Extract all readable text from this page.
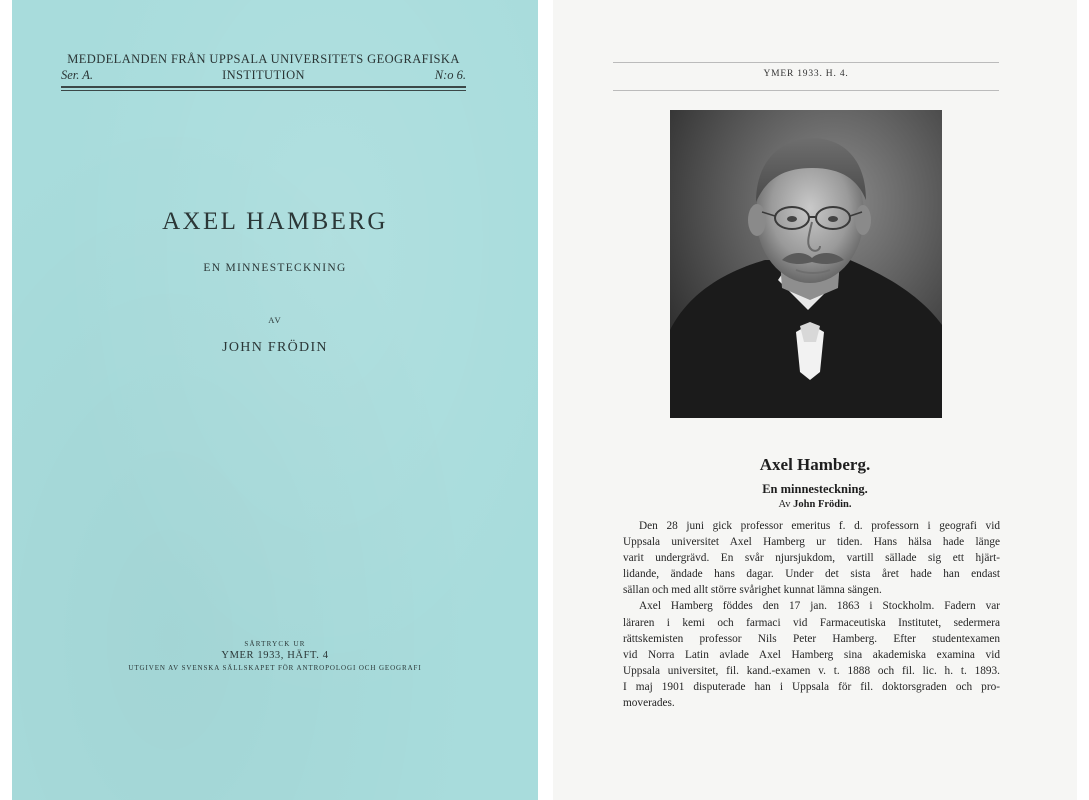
MEDDELANDEN FRÅN UPPSALA UNIVERSITETS GEOGRAFISKA
INSTITUTION
Ser. A.	N:o 6.
AXEL HAMBERG
EN MINNESTECKNING
AV
JOHN FRÖDIN
SÄRTRYCK UR
YMER 1933, HÄFT. 4
UTGIVEN AV SVENSKA SÄLLSKAPET FÖR ANTROPOLOGI OCH GEOGRAFI
YMER 1933. H. 4.
Axel Hamberg.
En minnesteckning.
Av John Frödin.
Den 28 juni gick professor emeritus f. d. professorn i geografi vid
Uppsala universitet Axel Hamberg ur tiden. Hans hälsa hade länge
varit undergrävd. En svår njursjukdom, vartill sällade sig ett hjärt-
lidande, ändade hans dagar. Under det sista året hade han endast
sällan och med allt större svårighet kunnat lämna sängen.
Axel Hamberg föddes den 17 jan. 1863 i Stockholm. Fadern var
läraren i kemi och farmaci vid Farmaceutiska Institutet, sedermera
rättskemisten professor Nils Peter Hamberg. Efter studentexamen
vid Norra Latin avlade Axel Hamberg sina akademiska examina vid
Uppsala universitet, fil. kand.-examen v. t. 1888 och fil. lic. h. t. 1893.
I maj 1901 disputerade han i Uppsala för fil. doktorsgraden och pro-
moverades.
